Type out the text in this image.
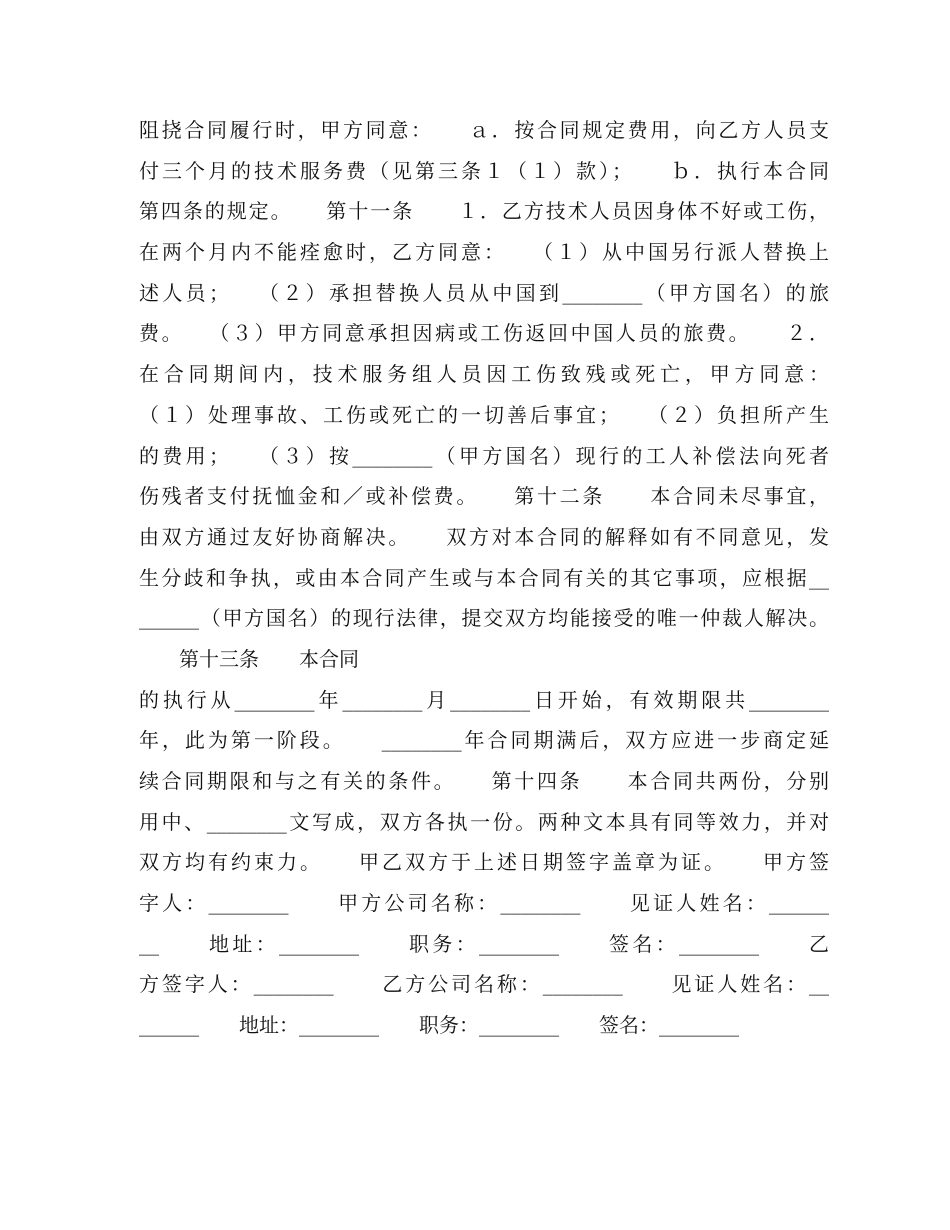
阻挠合同履行时，甲方同意：　　ａ．按合同规定费用，向乙方人员支
付三个月的技术服务费（见第三条１（１）款）；　　ｂ．执行本合同
第四条的规定。　　第十一条　　１．乙方技术人员因身体不好或工伤，
在两个月内不能痊愈时，乙方同意：　　（１）从中国另行派人替换上
述人员；　　（２）承担替换人员从中国到________（甲方国名）的旅
费。　　（３）甲方同意承担因病或工伤返回中国人员的旅费。　　２．
在合同期间内，技术服务组人员因工伤致残或死亡，甲方同意：
（１）处理事故、工伤或死亡的一切善后事宜；　　（２）负担所产生
的费用；　　（３）按________（甲方国名）现行的工人补偿法向死者
伤残者支付抚恤金和／或补偿费。　　第十二条　　本合同未尽事宜，
由双方通过友好协商解决。　　双方对本合同的解释如有不同意见，发
生分歧和争执，或由本合同产生或与本合同有关的其它事项，应根据__
______（甲方国名）的现行法律，提交双方均能接受的唯一仲裁人解决。
　　第十三条　　本合同
的执行从________年________月________日开始，有效期限共________
年，此为第一阶段。　　________年合同期满后，双方应进一步商定延
续合同期限和与之有关的条件。　　第十四条　　本合同共两份，分别
用中、________文写成，双方各执一份。两种文本具有同等效力，并对
双方均有约束力。　　甲乙双方于上述日期签字盖章为证。　　甲方签
字人：________　　甲方公司名称：________　　见证人姓名：______
__　　地址：________　　职务：________　　签名：________　　乙
方签字人：________　　乙方公司名称：________　　见证人姓名：__
______　　地址：________　　职务：________　　签名：________
